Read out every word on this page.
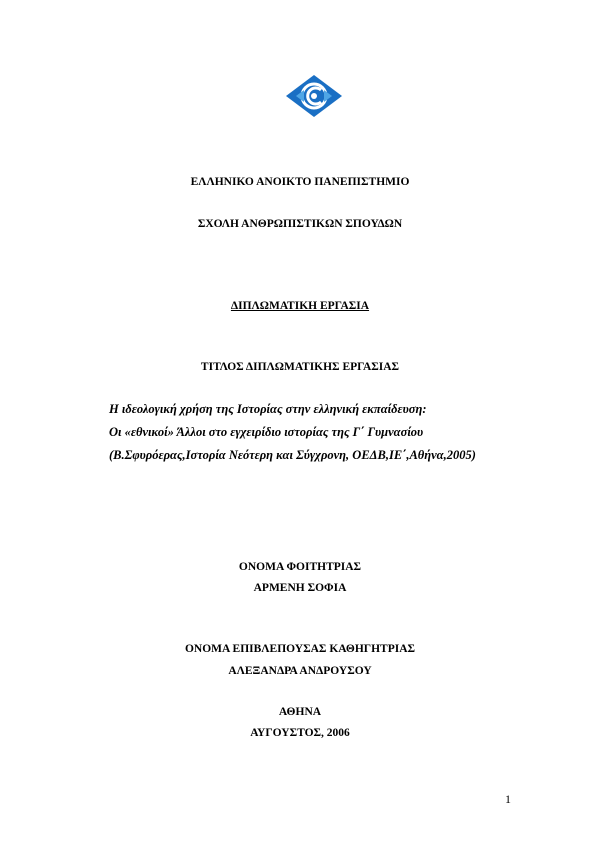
ΕΛΛΗΝΙΚΟ ΑΝΟΙΚΤΟ ΠΑΝΕΠΙΣΤΗΜΙΟ
ΣΧΟΛΗ ΑΝΘΡΩΠΙΣΤΙΚΩΝ ΣΠΟΥΔΩΝ
ΔΙΠΛΩΜΑΤΙΚΗ ΕΡΓΑΣΙΑ
ΤΙΤΛΟΣ ΔΙΠΛΩΜΑΤΙΚΗΣ ΕΡΓΑΣΙΑΣ
Η ιδεολογική χρήση της Ιστορίας στην ελληνική εκπαίδευση:
Οι «εθνικοί» Άλλοι στο εγχειρίδιο ιστορίας της Γ΄ Γυμνασίου
(Β.Σφυρόερας,Ιστορία Νεότερη και Σύγχρονη, ΟΕΔΒ,ΙΕ΄,Αθήνα,2005)
ΟΝΟΜΑ ΦΟΙΤΗΤΡΙΑΣ
ΑΡΜΕΝΗ ΣΟΦΙΑ
ΟΝΟΜΑ ΕΠΙΒΛΕΠΟΥΣΑΣ ΚΑΘΗΓΗΤΡΙΑΣ
ΑΛΕΞΑΝΔΡΑ ΑΝΔΡΟΥΣΟΥ
ΑΘΗΝΑ
ΑΥΓΟΥΣΤΟΣ, 2006
1
